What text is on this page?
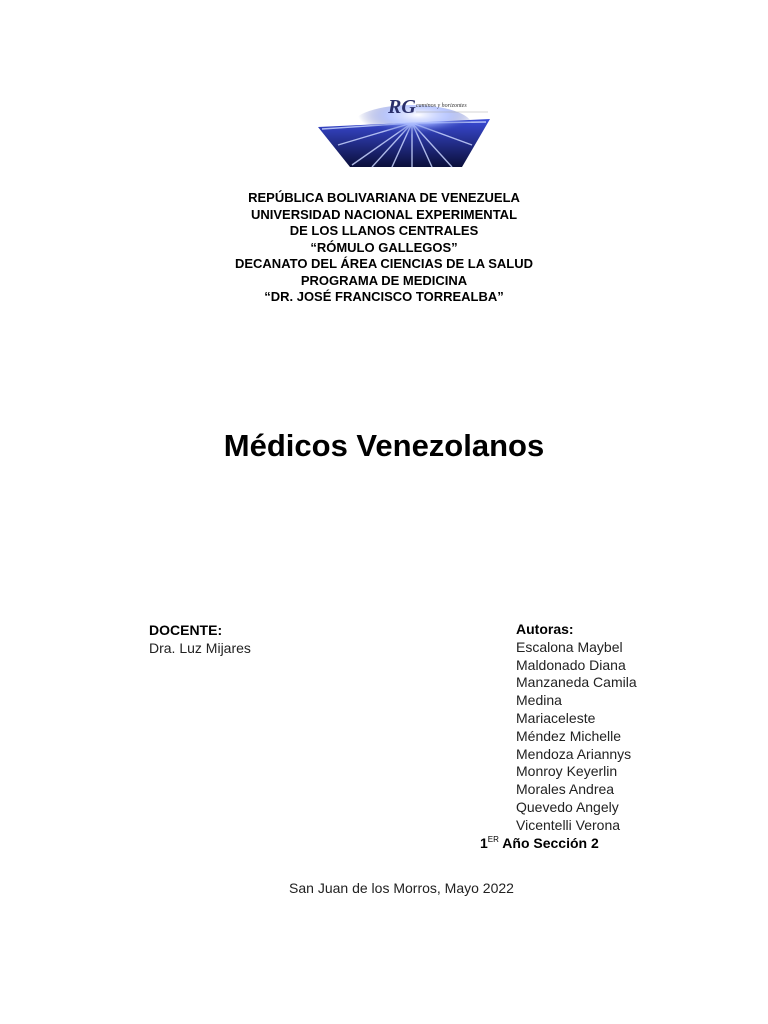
RG caminos y horizontes
REPÚBLICA BOLIVARIANA DE VENEZUELA
UNIVERSIDAD NACIONAL EXPERIMENTAL
DE LOS LLANOS CENTRALES
“RÓMULO GALLEGOS”
DECANATO DEL ÁREA CIENCIAS DE LA SALUD
PROGRAMA DE MEDICINA
“DR. JOSÉ FRANCISCO TORREALBA”
Médicos Venezolanos
DOCENTE:
Dra. Luz Mijares
Autoras:
Escalona Maybel
Maldonado Diana
Manzaneda Camila
Medina
Mariaceleste
Méndez Michelle
Mendoza Ariannys
Monroy Keyerlin
Morales Andrea
Quevedo Angely
Vicentelli Verona
1ER Año Sección 2
San Juan de los Morros, Mayo 2022
